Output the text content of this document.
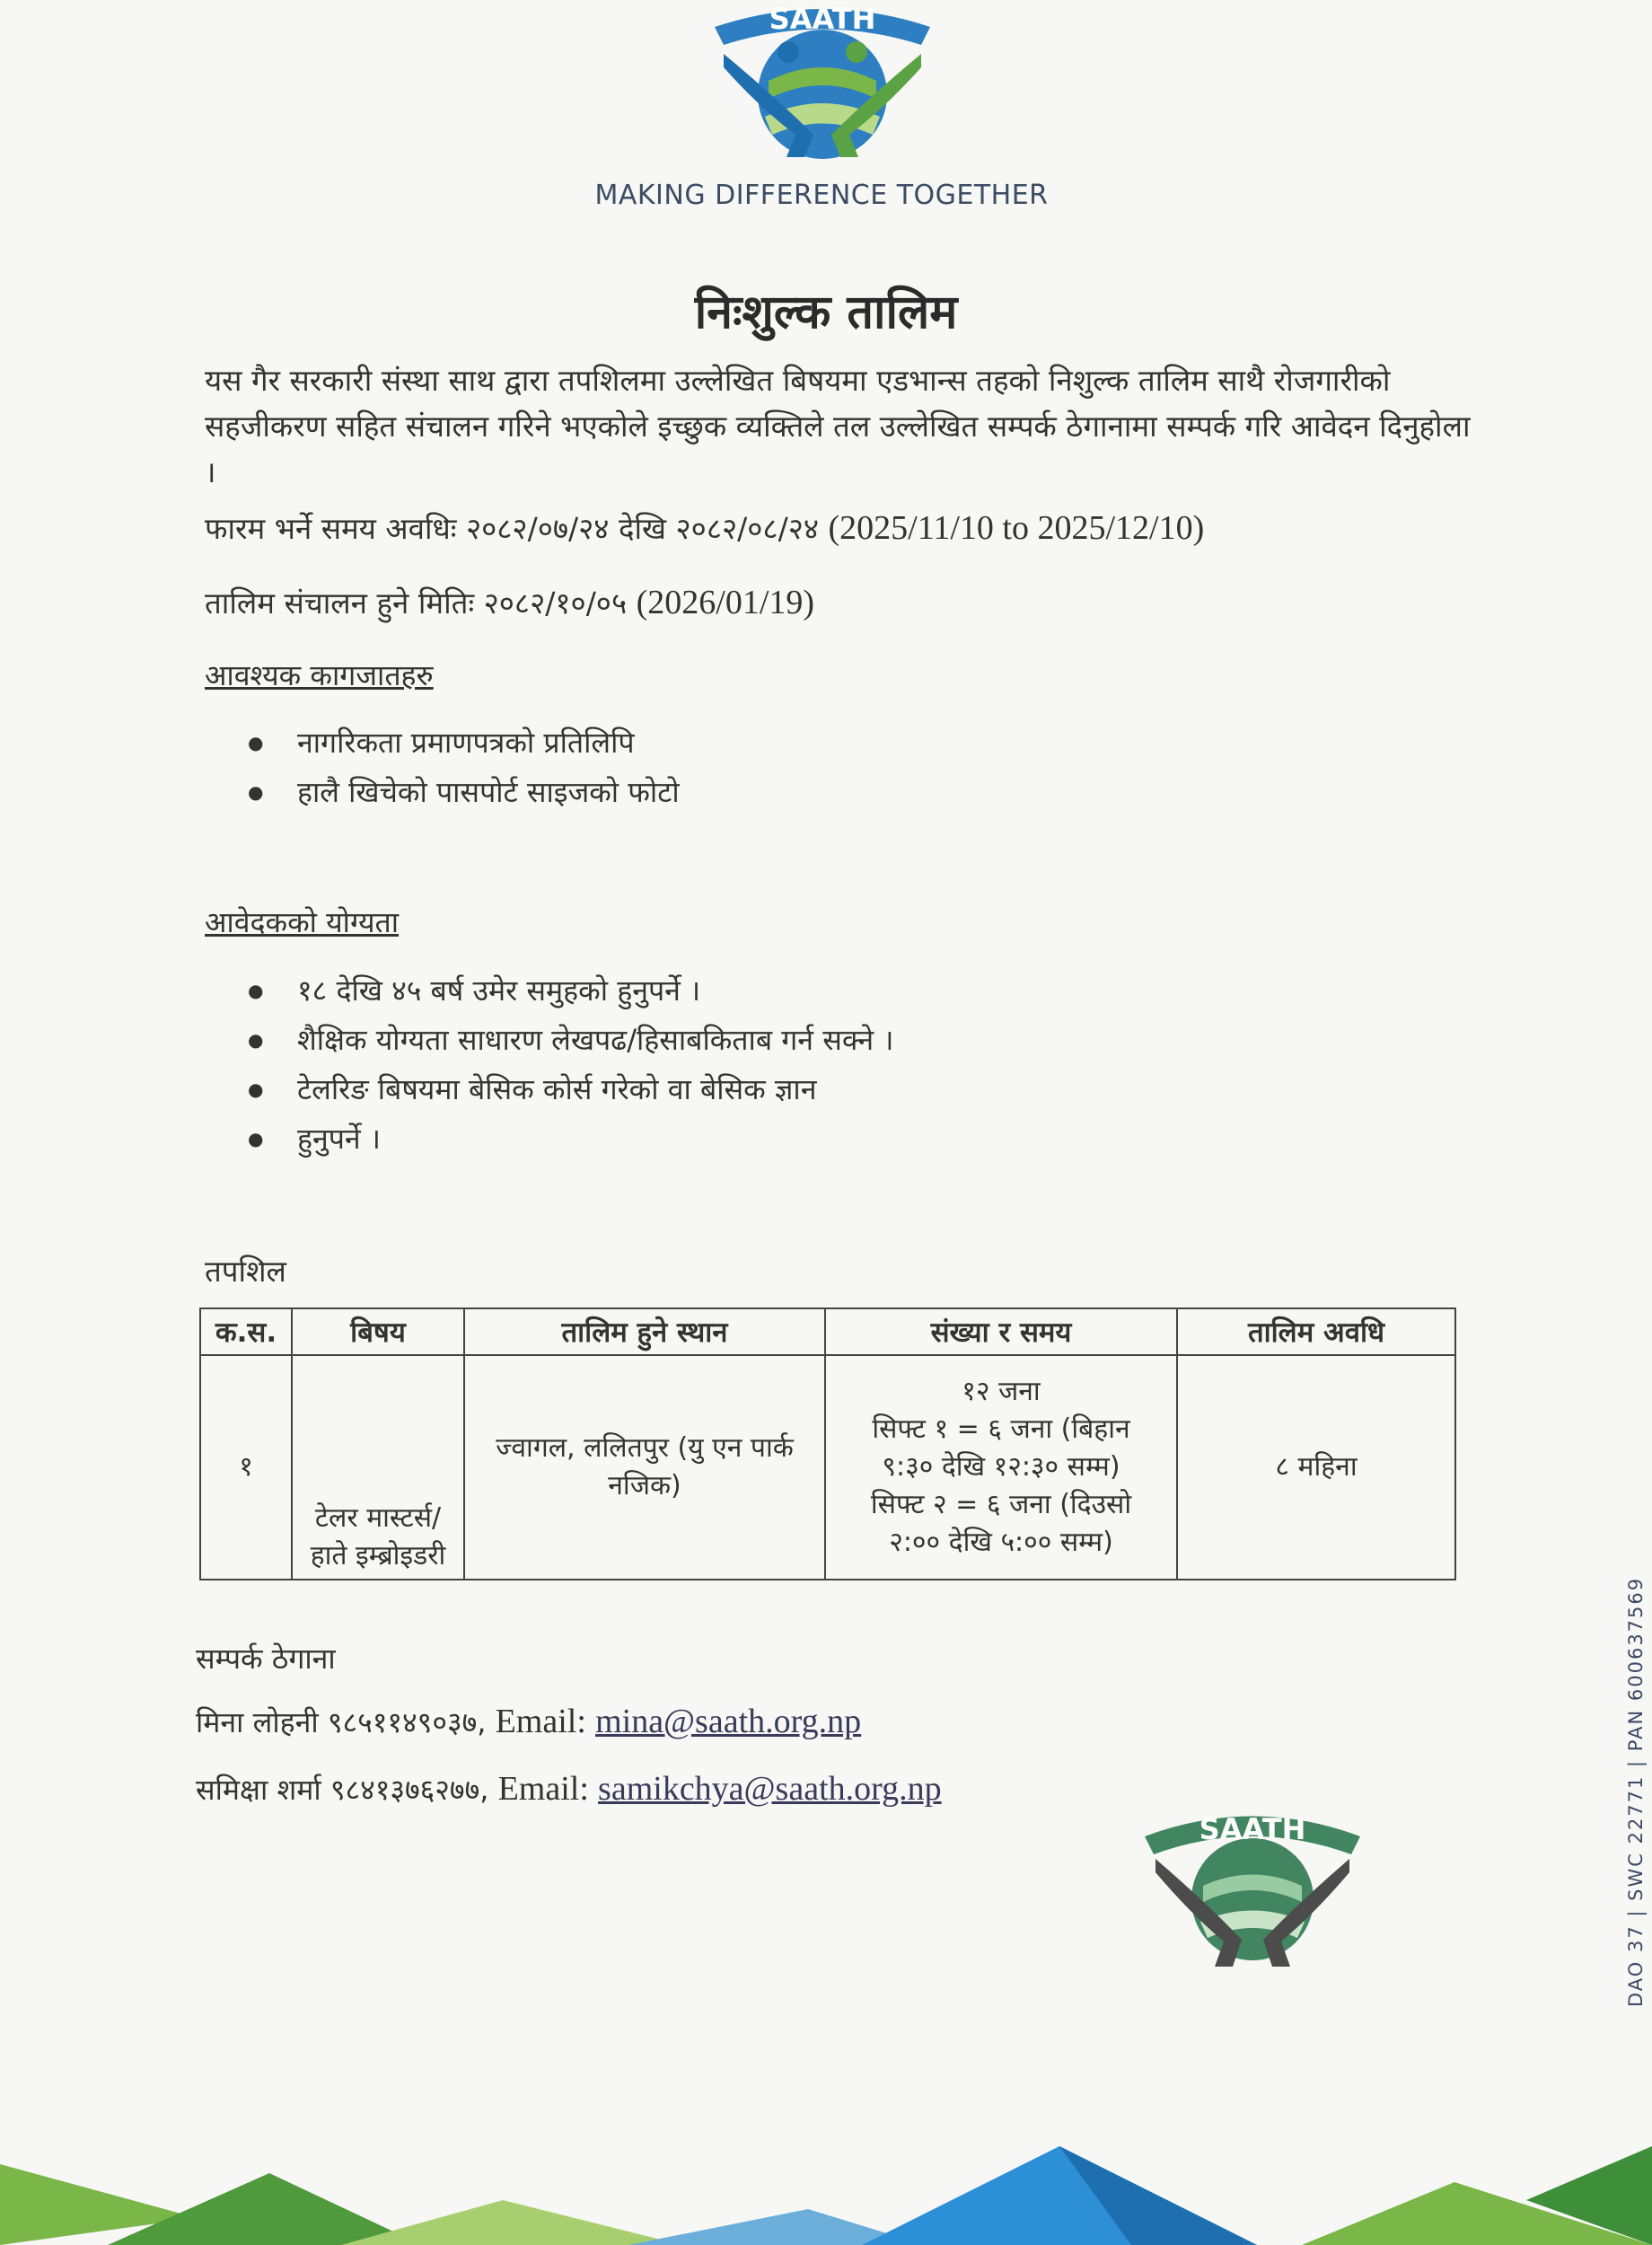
SAATH
MAKING DIFFERENCE TOGETHER
निःशुल्क तालिम
यस गैर सरकारी संस्था साथ द्वारा तपशिलमा उल्लेखित बिषयमा एडभान्स तहको निशुल्क तालिम साथै रोजगारीको सहजीकरण सहित संचालन गरिने भएकोले इच्छुक व्यक्तिले तल उल्लेखित सम्पर्क ठेगानामा सम्पर्क गरि आवेदन दिनुहोला ।
फारम भर्ने समय अवधिः २०८२/०७/२४ देखि २०८२/०८/२४ (2025/11/10 to 2025/12/10)
तालिम संचालन हुने मितिः २०८२/१०/०५ (2026/01/19)
आवश्यक कागजातहरु
● नागरिकता प्रमाणपत्रको प्रतिलिपि
● हालै खिचेको पासपोर्ट साइजको फोटो
आवेदकको योग्यता
● १८ देखि ४५ बर्ष उमेर समुहको हुनुपर्ने ।
● शैक्षिक योग्यता साधारण लेखपढ/हिसाबकिताब गर्न सक्ने ।
● टेलरिङ बिषयमा बेसिक कोर्स गरेको वा बेसिक ज्ञान
● हुनुपर्ने ।
तपशिल
क.स.	बिषय	तालिम हुने स्थान	संख्या र समय	तालिम अवधि
१	टेलर मास्टर्स/हाते इम्ब्रोइडरी	ज्वागल, ललितपुर (यु एन पार्क नजिक)	१२ जना
सिफ्ट १ = ६ जना (बिहान
९:३० देखि १२:३० सम्म)
सिफ्ट २ = ६ जना (दिउसो
२:०० देखि ५:०० सम्म)	८ महिना
सम्पर्क ठेगाना
मिना लोहनी ९८५११४९०३७, Email: mina@saath.org.np
समिक्षा शर्मा ९८४१३७६२७७, Email: samikchya@saath.org.np
SAATH	DAO 37 | SWC 22771 | PAN 600637569
